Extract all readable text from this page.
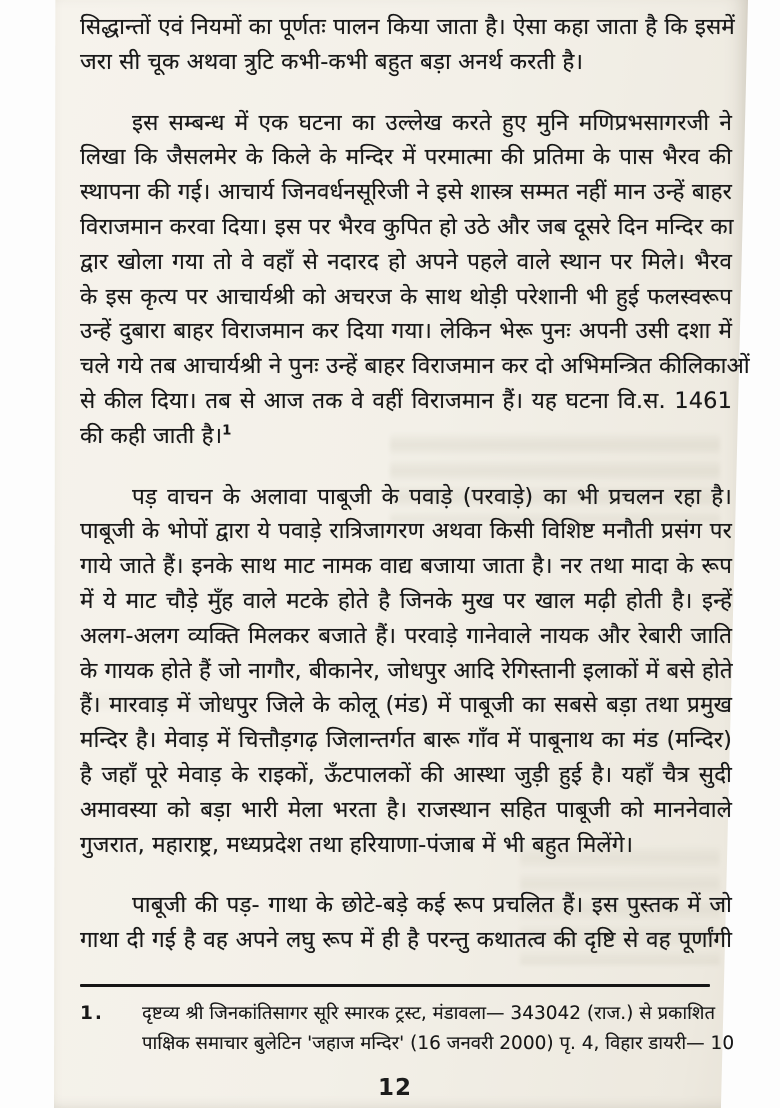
सिद्धान्तों एवं नियमों का पूर्णतः पालन किया जाता है। ऐसा कहा जाता है कि इसमें
जरा सी चूक अथवा त्रुटि कभी-कभी बहुत बड़ा अनर्थ करती है।
इस सम्बन्ध में एक घटना का उल्लेख करते हुए मुनि मणिप्रभसागरजी ने
लिखा कि जैसलमेर के किले के मन्दिर में परमात्मा की प्रतिमा के पास भैरव की
स्थापना की गई। आचार्य जिनवर्धनसूरिजी ने इसे शास्त्र सम्मत नहीं मान उन्हें बाहर
विराजमान करवा दिया। इस पर भैरव कुपित हो उठे और जब दूसरे दिन मन्दिर का
द्वार खोला गया तो वे वहाँ से नदारद हो अपने पहले वाले स्थान पर मिले। भैरव
के इस कृत्य पर आचार्यश्री को अचरज के साथ थोड़ी परेशानी भी हुई फलस्वरूप
उन्हें दुबारा बाहर विराजमान कर दिया गया। लेकिन भेरू पुनः अपनी उसी दशा में
चले गये तब आचार्यश्री ने पुनः उन्हें बाहर विराजमान कर दो अभिमन्त्रित कीलिकाओं
से कील दिया। तब से आज तक वे वहीं विराजमान हैं। यह घटना वि.स. 1461
की कही जाती है।$^1$
पड़ वाचन के अलावा पाबूजी के पवाड़े (परवाड़े) का भी प्रचलन रहा है।
पाबूजी के भोपों द्वारा ये पवाड़े रात्रिजागरण अथवा किसी विशिष्ट मनौती प्रसंग पर
गाये जाते हैं। इनके साथ माट नामक वाद्य बजाया जाता है। नर तथा मादा के रूप
में ये माट चौड़े मुँह वाले मटके होते है जिनके मुख पर खाल मढ़ी होती है। इन्हें
अलग-अलग व्यक्ति मिलकर बजाते हैं। परवाड़े गानेवाले नायक और रेबारी जाति
के गायक होते हैं जो नागौर, बीकानेर, जोधपुर आदि रेगिस्तानी इलाकों में बसे होते
हैं। मारवाड़ में जोधपुर जिले के कोलू (मंड) में पाबूजी का सबसे बड़ा तथा प्रमुख
मन्दिर है। मेवाड़ में चित्तौड़गढ़ जिलान्तर्गत बारू गाँव में पाबूनाथ का मंड (मन्दिर)
है जहाँ पूरे मेवाड़ के राइकों, ऊँटपालकों की आस्था जुड़ी हुई है। यहाँ चैत्र सुदी
अमावस्या को बड़ा भारी मेला भरता है। राजस्थान सहित पाबूजी को माननेवाले
गुजरात, महाराष्ट्र, मध्यप्रदेश तथा हरियाणा-पंजाब में भी बहुत मिलेंगे।
पाबूजी की पड़- गाथा के छोटे-बड़े कई रूप प्रचलित हैं। इस पुस्तक में जो
गाथा दी गई है वह अपने लघु रूप में ही है परन्तु कथातत्व की दृष्टि से वह पूर्णांगी
1.	दृष्टव्य श्री जिनकांतिसागर सूरि स्मारक ट्रस्ट, मंडावला— 343042 (राज.) से प्रकाशित
पाक्षिक समाचार बुलेटिन 'जहाज मन्दिर' (16 जनवरी 2000) पृ. 4, विहार डायरी— 10
12
